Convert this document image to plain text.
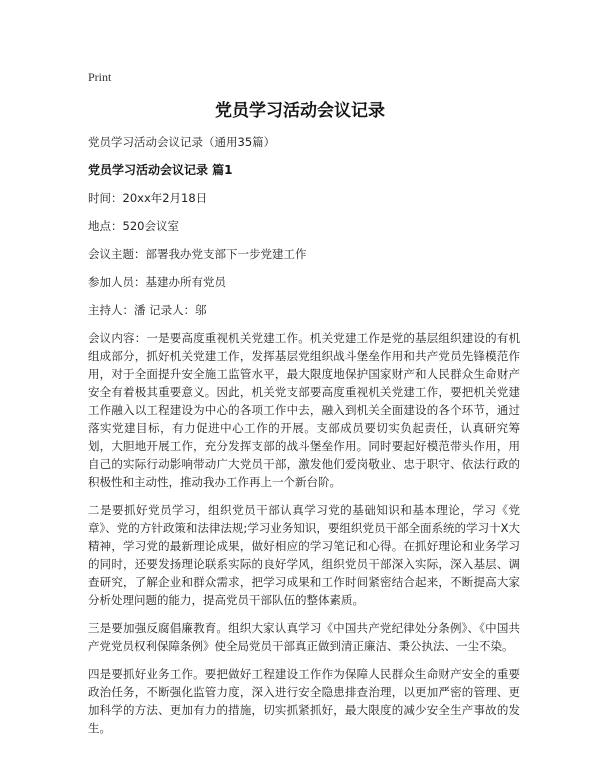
Print
党员学习活动会议记录

党员学习活动会议记录（通用35篇）

党员学习活动会议记录 篇1

时间：20xx年2月18日

地点：520会议室

会议主题：部署我办党支部下一步党建工作

参加人员：基建办所有党员

主持人：潘 记录人：邬

会议内容：一是要高度重视机关党建工作。机关党建工作是党的基层组织建设的有机组成部分，抓好机关党建工作，发挥基层党组织战斗堡垒作用和共产党员先锋模范作用，对于全面提升安全施工监管水平，最大限度地保护国家财产和人民群众生命财产安全有着极其重要意义。因此，机关党支部要高度重视机关党建工作，要把机关党建工作融入以工程建设为中心的各项工作中去，融入到机关全面建设的各个环节，通过落实党建目标，有力促进中心工作的开展。支部成员要切实负起责任，认真研究筹划，大胆地开展工作，充分发挥支部的战斗堡垒作用。同时要起好模范带头作用，用自己的实际行动影响带动广大党员干部，激发他们爱岗敬业、忠于职守、依法行政的积极性和主动性，推动我办工作再上一个新台阶。

二是要抓好党员学习，组织党员干部认真学习党的基础知识和基本理论，学习《党章》、党的方针政策和法律法规;学习业务知识，要组织党员干部全面系统的学习十X大精神，学习党的最新理论成果，做好相应的学习笔记和心得。在抓好理论和业务学习的同时，还要发扬理论联系实际的良好学风，组织党员干部深入实际，深入基层、调查研究，了解企业和群众需求，把学习成果和工作时间紧密结合起来，不断提高大家分析处理问题的能力，提高党员干部队伍的整体素质。

三是要加强反腐倡廉教育。组织大家认真学习《中国共产党纪律处分条例》、《中国共产党党员权利保障条例》使全局党员干部真正做到清正廉洁、秉公执法、一尘不染。

四是要抓好业务工作。要把做好工程建设工作作为保障人民群众生命财产安全的重要政治任务，不断强化监管力度，深入进行安全隐患排查治理，以更加严密的管理、更加科学的方法、更加有力的措施，切实抓紧抓好，最大限度的减少安全生产事故的发生。
